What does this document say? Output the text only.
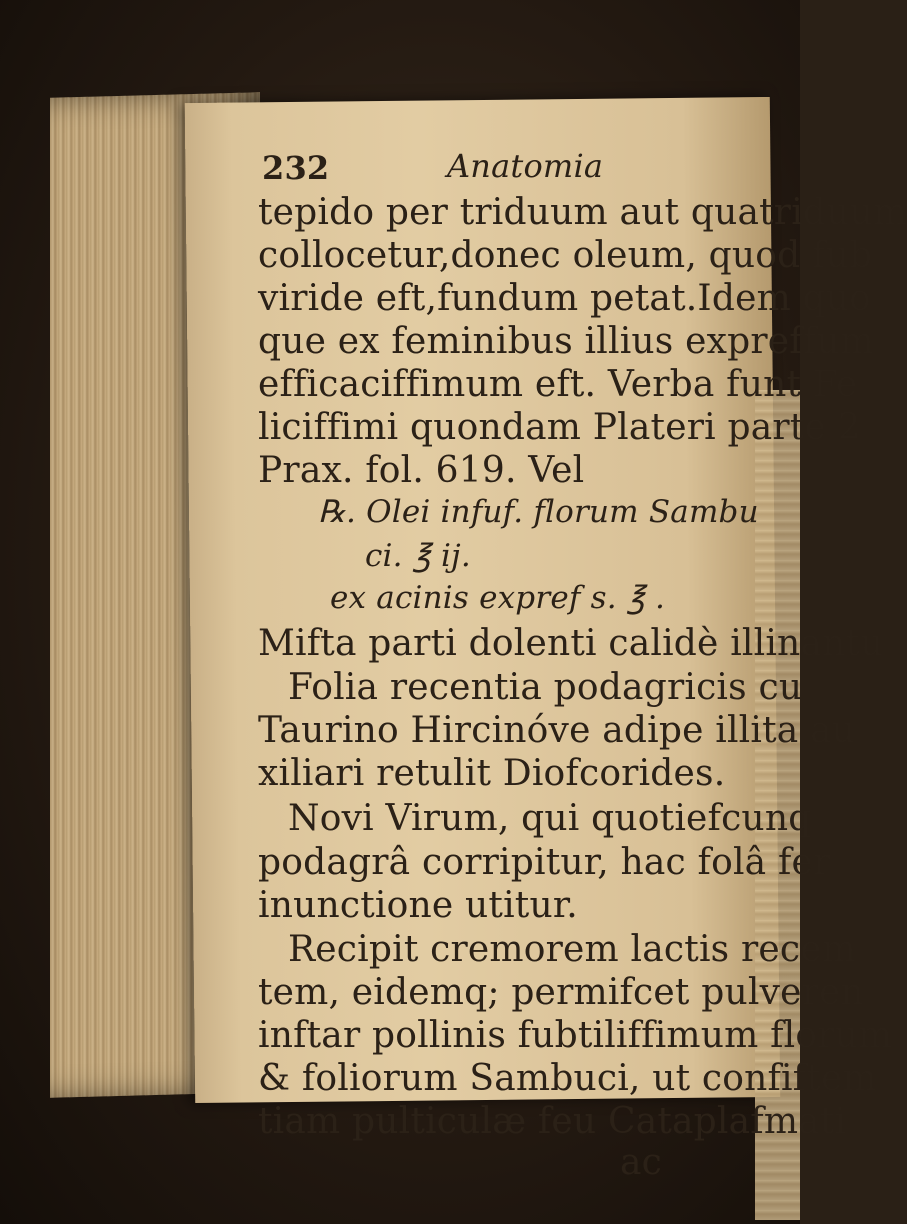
232	Anatomia
tepido per triduum aut quatriduum
collocetur,donec oleum, quod fub
viride eft,fundum petat.Idem quo
que ex feminibus illius expreffum
efficaciffimum eft. Verba funt Fe
liciffimi quondam Plateri parte 2
Prax. fol. 619. Vel
℞. Olei infuf. florum Sambu
ci. ℥ ij.
ex acinis expref s. ℥ .
Mifta parti dolenti calidè illinantu
Folia recentia podagricis cu
Taurino Hircinóve adipe illita au
xiliari retulit Diofcorides.
Novi Virum, qui quotiefcunq
podagrâ corripitur, hac folâ fer
inunctione utitur.
Recipit cremorem lactis recem
tem, eidemq; permifcet pulveren
inftar pollinis fubtiliffimum florum
& foliorum Sambuci, ut confiftem
tiam pulticulæ feu Cataplafmati
ac
